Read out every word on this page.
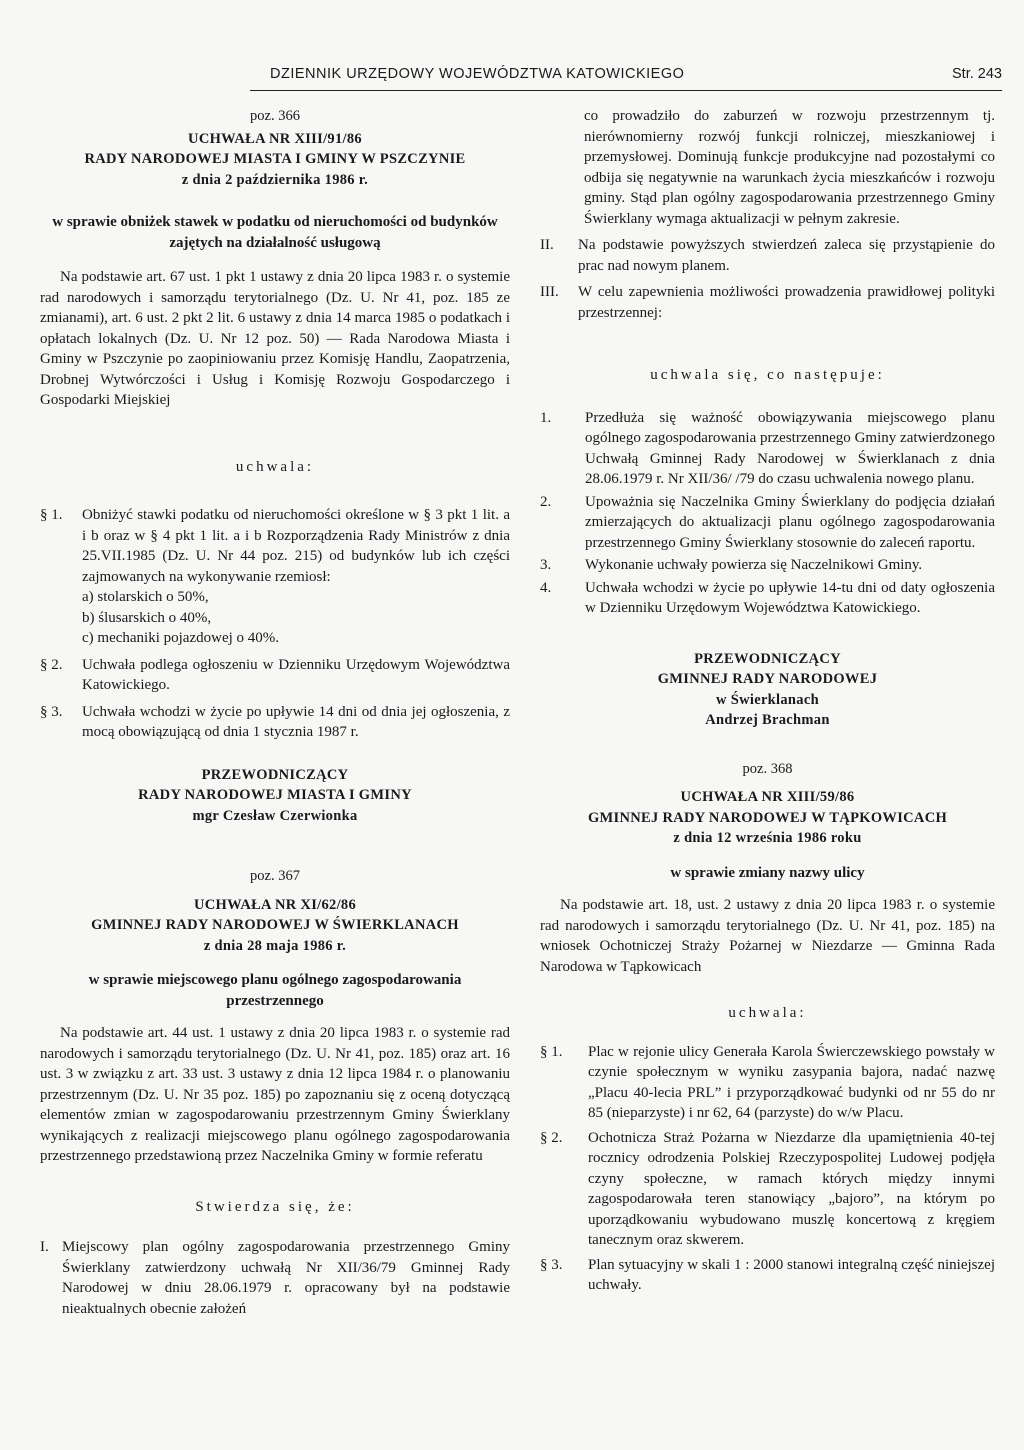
DZIENNIK URZĘDOWY WOJEWÓDZTWA KATOWICKIEGO	Str. 243
poz. 366
UCHWAŁA NR XIII/91/86
RADY NARODOWEJ MIASTA I GMINY W PSZCZYNIE
z dnia 2 października 1986 r.
w sprawie obniżek stawek w podatku od nieruchomości od budynków zajętych na działalność usługową
Na podstawie art. 67 ust. 1 pkt 1 ustawy z dnia 20 lipca 1983 r. o systemie rad narodowych i samorządu terytorialnego (Dz. U. Nr 41, poz. 185 ze zmianami), art. 6 ust. 2 pkt 2 lit. 6 ustawy z dnia 14 marca 1985 o podatkach i opłatach lokalnych (Dz. U. Nr 12 poz. 50) — Rada Narodowa Miasta i Gminy w Pszczynie po zaopiniowaniu przez Komisję Handlu, Zaopatrzenia, Drobnej Wytwórczości i Usług i Komisję Rozwoju Gospodarczego i Gospodarki Miejskiej
uchwala:
§ 1.	Obniżyć stawki podatku od nieruchomości określone w § 3 pkt 1 lit. a i b oraz w § 4 pkt 1 lit. a i b Rozporządzenia Rady Ministrów z dnia 25.VII.1985 (Dz. U. Nr 44 poz. 215) od budynków lub ich części zajmowanych na wykonywanie rzemiosł:
a) stolarskich o 50%,
b) ślusarskich o 40%,
c) mechaniki pojazdowej o 40%.
§ 2.	Uchwała podlega ogłoszeniu w Dzienniku Urzędowym Województwa Katowickiego.
§ 3.	Uchwała wchodzi w życie po upływie 14 dni od dnia jej ogłoszenia, z mocą obowiązującą od dnia 1 stycznia 1987 r.
PRZEWODNICZĄCY
RADY NARODOWEJ MIASTA I GMINY
mgr Czesław Czerwionka
poz. 367
UCHWAŁA NR XI/62/86
GMINNEJ RADY NARODOWEJ W ŚWIERKLANACH
z dnia 28 maja 1986 r.
w sprawie miejscowego planu ogólnego zagospodarowania przestrzennego
Na podstawie art. 44 ust. 1 ustawy z dnia 20 lipca 1983 r. o systemie rad narodowych i samorządu terytorialnego (Dz. U. Nr 41, poz. 185) oraz art. 16 ust. 3 w związku z art. 33 ust. 3 ustawy z dnia 12 lipca 1984 r. o planowaniu przestrzennym (Dz. U. Nr 35 poz. 185) po zapoznaniu się z oceną dotyczącą elementów zmian w zagospodarowaniu przestrzennym Gminy Świerklany wynikających z realizacji miejscowego planu ogólnego zagospodarowania przestrzennego przedstawioną przez Naczelnika Gminy w formie referatu
Stwierdza się, że:
I. Miejscowy plan ogólny zagospodarowania przestrzennego Gminy Świerklany zatwierdzony uchwałą Nr XII/36/79 Gminnej Rady Narodowej w dniu 28.06.1979 r. opracowany był na podstawie nieaktualnych obecnie założeń
co prowadziło do zaburzeń w rozwoju przestrzennym tj. nierównomierny rozwój funkcji rolniczej, mieszkaniowej i przemysłowej. Dominują funkcje produkcyjne nad pozostałymi co odbija się negatywnie na warunkach życia mieszkańców i rozwoju gminy. Stąd plan ogólny zagospodarowania przestrzennego Gminy Świerklany wymaga aktualizacji w pełnym zakresie.
II.	Na podstawie powyższych stwierdzeń zaleca się przystąpienie do prac nad nowym planem.
III.	W celu zapewnienia możliwości prowadzenia prawidłowej polityki przestrzennej:
uchwala się, co następuje:
1.	Przedłuża się ważność obowiązywania miejscowego planu ogólnego zagospodarowania przestrzennego Gminy zatwierdzonego Uchwałą Gminnej Rady Narodowej w Świerklanach z dnia 28.06.1979 r. Nr XII/36/ /79 do czasu uchwalenia nowego planu.
2.	Upoważnia się Naczelnika Gminy Świerklany do podjęcia działań zmierzających do aktualizacji planu ogólnego zagospodarowania przestrzennego Gminy Świerklany stosownie do zaleceń raportu.
3.	Wykonanie uchwały powierza się Naczelnikowi Gminy.
4.	Uchwała wchodzi w życie po upływie 14-tu dni od daty ogłoszenia w Dzienniku Urzędowym Województwa Katowickiego.
PRZEWODNICZĄCY
GMINNEJ RADY NARODOWEJ
w Świerklanach
Andrzej Brachman
poz. 368
UCHWAŁA NR XIII/59/86
GMINNEJ RADY NARODOWEJ W TĄPKOWICACH
z dnia 12 września 1986 roku
w sprawie zmiany nazwy ulicy
Na podstawie art. 18, ust. 2 ustawy z dnia 20 lipca 1983 r. o systemie rad narodowych i samorządu terytorialnego (Dz. U. Nr 41, poz. 185) na wniosek Ochotniczej Straży Pożarnej w Niezdarze — Gminna Rada Narodowa w Tąpkowicach
uchwala:
§ 1.	Plac w rejonie ulicy Generała Karola Świerczewskiego powstały w czynie społecznym w wyniku zasypania bajora, nadać nazwę „Placu 40-lecia PRL” i przyporządkować budynki od nr 55 do nr 85 (nieparzyste) i nr 62, 64 (parzyste) do w/w Placu.
§ 2.	Ochotnicza Straż Pożarna w Niezdarze dla upamiętnienia 40-tej rocznicy odrodzenia Polskiej Rzeczypospolitej Ludowej podjęła czyny społeczne, w ramach których między innymi zagospodarowała teren stanowiący „bajoro”, na którym po uporządkowaniu wybudowano muszlę koncertową z kręgiem tanecznym oraz skwerem.
§ 3.	Plan sytuacyjny w skali 1 : 2000 stanowi integralną część niniejszej uchwały.
